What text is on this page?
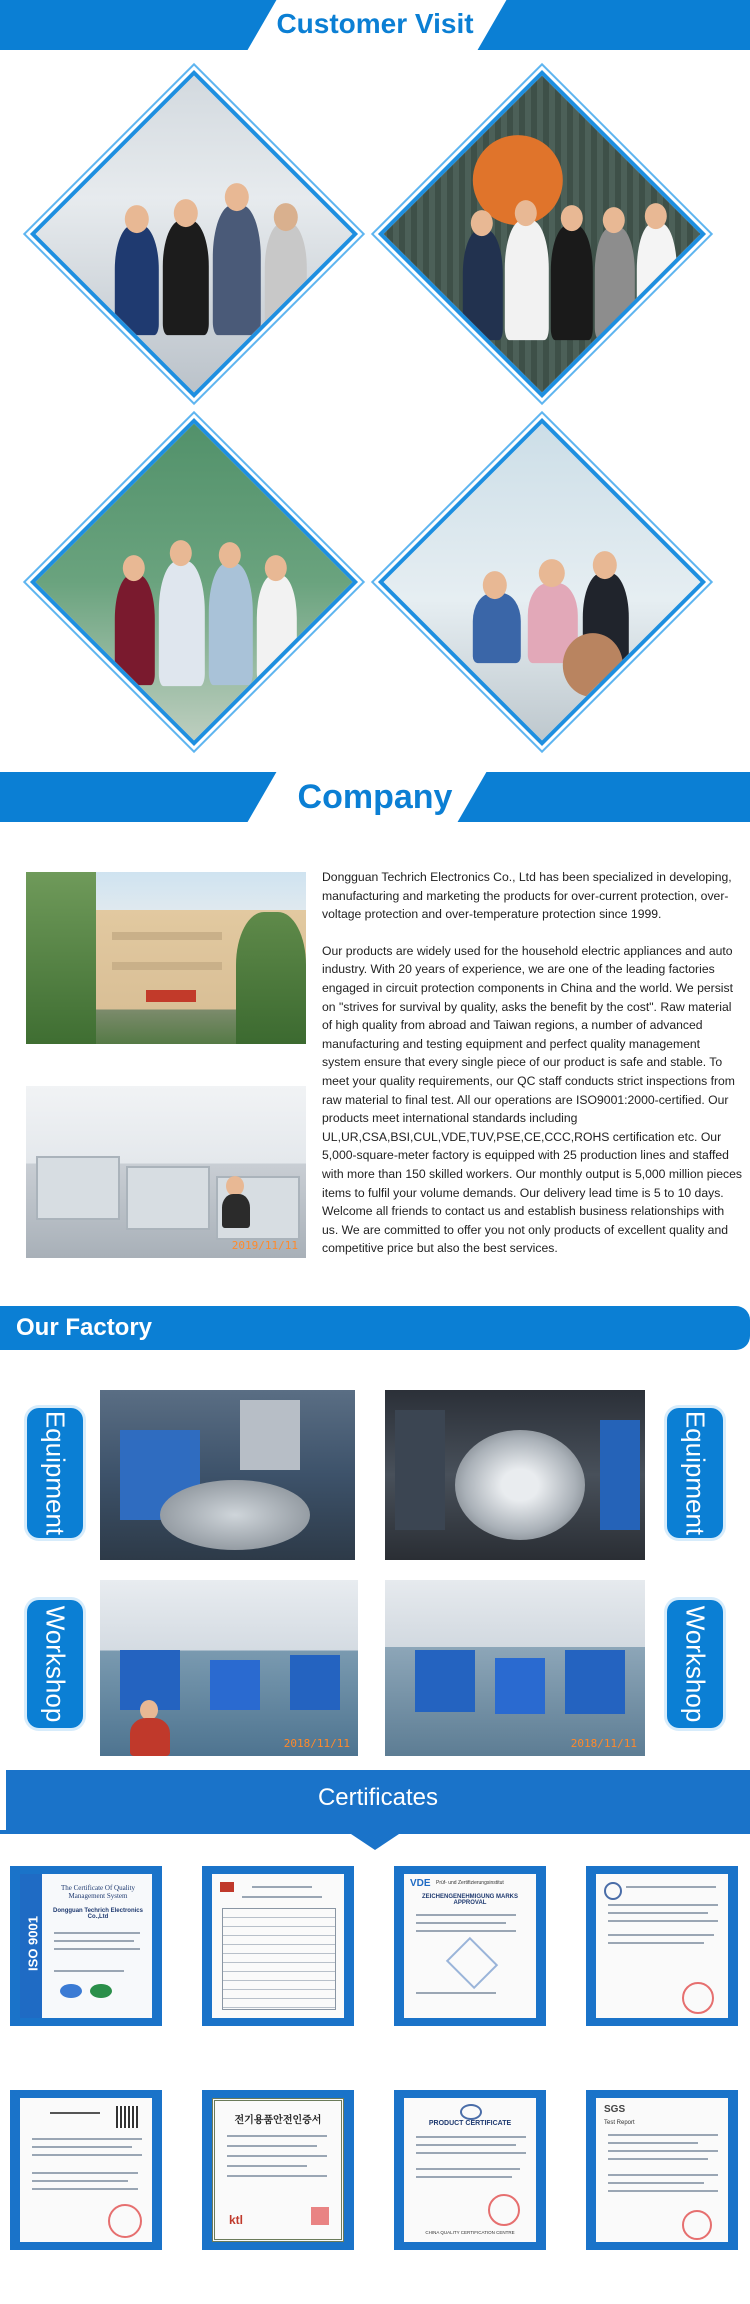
Customer Visit
Company
2019/11/11

Dongguan Techrich Electronics Co., Ltd has been specialized in developing, manufacturing and marketing the products for over-current protection, over-voltage protection and over-temperature protection since 1999.

Our products are widely used for the household electric appliances and auto industry. With 20 years of experience, we are one of the leading factories engaged in circuit protection components in China and the world. We persist on "strives for survival by quality, asks the benefit by the cost". Raw material of high quality from abroad and Taiwan regions, a number of advanced manufacturing and testing equipment and perfect quality management system ensure that every single piece of our product is safe and stable. To meet your quality requirements, our QC staff conducts strict inspections from raw material to final test. All our operations are ISO9001:2000-certified. Our products meet international standards including UL,UR,CSA,BSI,CUL,VDE,TUV,PSE,CE,CCC,ROHS certification etc. Our 5,000-square-meter factory is equipped with 25 production lines and staffed with more than 150 skilled workers. Our monthly output is 5,000 million pieces items to fulfil your volume demands. Our delivery lead time is 5 to 10 days. Welcome all friends to contact us and establish business relationships with us. We are committed to offer you not only products of excellent quality and competitive price but also the best services.

Our Factory
Equipment	Equipment
Workshop	Workshop
2018/11/11	2018/11/11
Certificates
ISO 9001
The Certificate Of Quality Management System
Dongguan Techrich Electronics Co.,Ltd
VDE Prüf- und Zertifizierungsinstitut
ZEICHENGENEHMIGUNG MARKS APPROVAL
전기용품안전인증서
ktl
PRODUCT CERTIFICATE
CHINA QUALITY CERTIFICATION CENTRE
SGS
Test Report
